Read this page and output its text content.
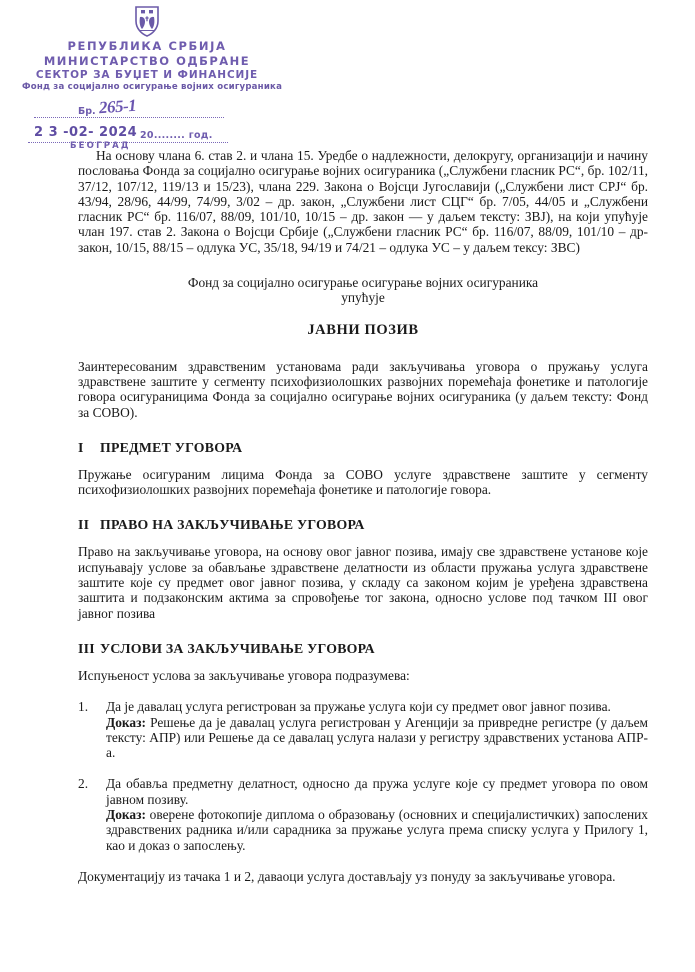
РЕПУБЛИКА СРБИЈА
МИНИСТАРСТВО ОДБРАНЕ
СЕКТОР ЗА БУЏЕТ И ФИНАНСИЈЕ
Фонд за социјално осигурање војних осигураника
Бр. 265-1
2 3 -02- 2024 20........ год.
БЕОГРАД

На основу члана 6. став 2. и члана 15. Уредбе о надлежности, делокругу, организацији и начину пословања Фонда за социјално осигурање војних осигураника („Службени гласник РС“, бр. 102/11, 37/12, 107/12, 119/13 и 15/23), члана 229. Закона о Војсци Југославији („Службени лист СРЈ“ бр. 43/94, 28/96, 44/99, 74/99, 3/02 – др. закон, „Службени лист СЦГ“ бр. 7/05, 44/05 и „Службени гласник РС“ бр. 116/07, 88/09, 101/10, 10/15 – др. закон — у даљем тексту: ЗВЈ), на који упућује члан 197. став 2. Закона о Војсци Србије („Службени гласник РС“ бр. 116/07, 88/09, 101/10 – др- закон, 10/15, 88/15 – одлука УС, 35/18, 94/19 и 74/21 – одлука УС – у даљем тексу: ЗВС)

Фонд за социјално осигурање осигурање војних осигураника

упућује

ЈАВНИ ПОЗИВ

Заинтересованим здравственим установама ради закључивања уговора о пружању услуга здравствене заштите у сегменту психофизиолошких развојних поремећаја фонетике и патологије говора осигураницима Фонда за социјално осигурање војних осигураника (у даљем тексту: Фонд за СОВО).

I ПРЕДМЕТ УГОВОРА

Пружање осигураним лицима Фонда за СОВО услуге здравствене заштите у сегменту психофизиолошких развојних поремећаја фонетике и патологије говора.

II ПРАВО НА ЗАКЉУЧИВАЊЕ УГОВОРА

Право на закључивање уговора, на основу овог јавног позива, имају све здравствене установе које испуњавају услове за обављање здравствене делатности из области пружања услуга здравствене заштите које су предмет овог јавног позива, у складу са законом којим је уређена здравствена заштита и подзаконским актима за спровођење тог закона, односно услове под тачком III овог јавног позива

III УСЛОВИ ЗА ЗАКЉУЧИВАЊЕ УГОВОРА

Испуњеност услова за закључивање уговора подразумева:

1. Да је давалац услуга регистрован за пружање услуга који су предмет овог јавног позива.

Доказ: Решење да је давалац услуга регистрован у Агенцији за привредне регистре (у даљем тексту: АПР) или Решење да се давалац услуга налази у регистру здравствених установа АПР-а.

2. Да обавља предметну делатност, односно да пружа услуге које су предмет уговора по овом јавном позиву.

Доказ: оверене фотокопије диплома о образовању (основних и специјалистичких) запослених здравствених радника и/или сарадника за пружање услуга према списку услуга у Прилогу 1, као и доказ о запослењу.

Документацију из тачака 1 и 2, даваоци услуга достављају уз понуду за закључивање уговора.
